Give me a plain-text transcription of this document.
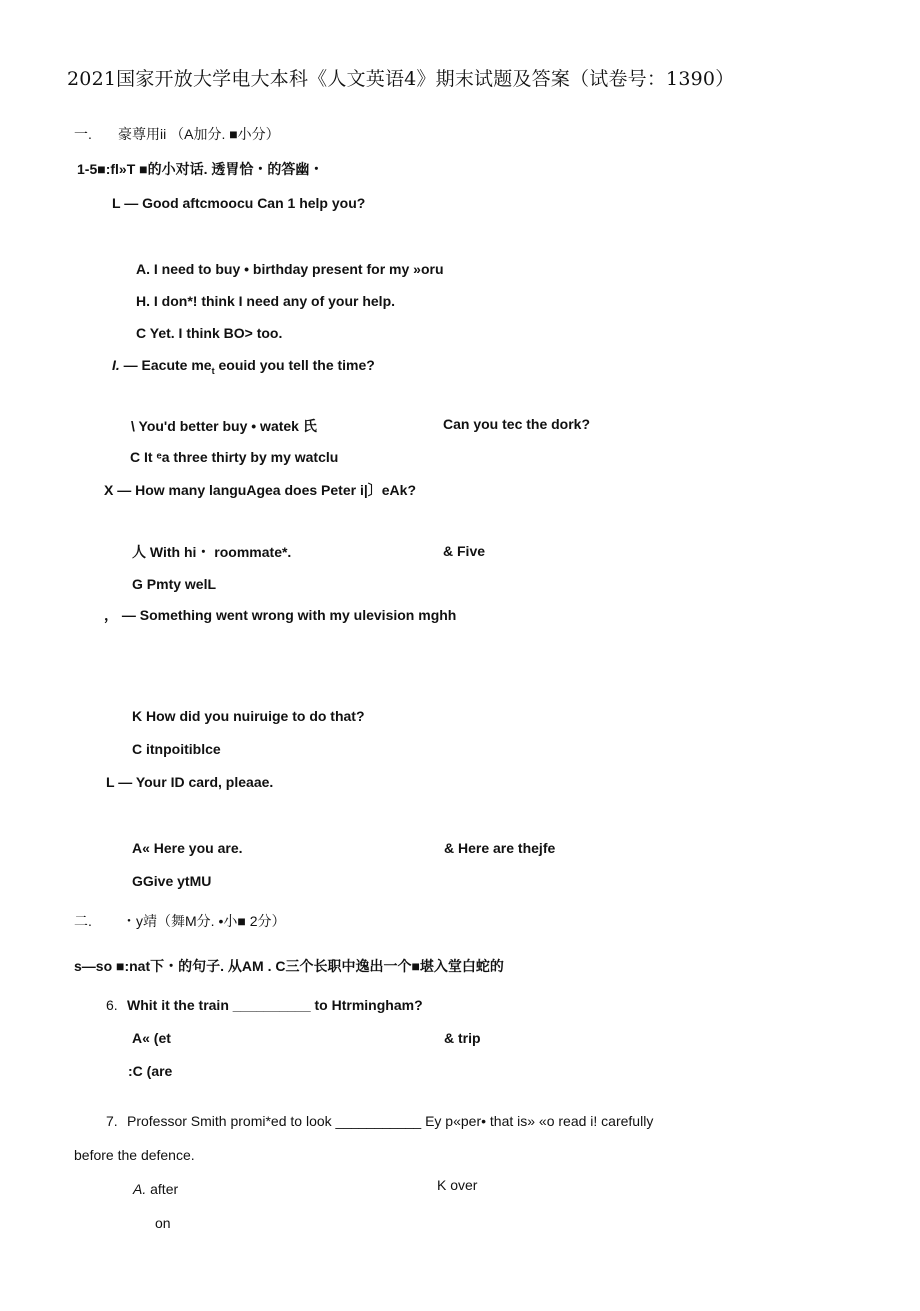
2021国家开放大学电大本科《人文英语4》期末试题及答案（试卷号：1390）
一. 豪尊用ii （A加分. ■小分）
1-5■:fl»T ■的小对话. 透胃恰・的答幽・
L — Good aftcmoocu Can 1 help you?
A. I need to buy • birthday present for my »oru
H. I don*! think I need any of your help.
C Yet. I think BO> too.
I. — Eacute $me_t$ eouid you tell the time?
\ You'd better buy • watek 氏	Can you tec the dork?
C It ᵉa three thirty by my watclu
X — How many languAgea does Peter i|〕eAk?
人 With hi・ roommate*.	& Five
G Pmty welL
， — Something went wrong with my ulevision mghh
K How did you nuiruige to do that?
C itnpoitiblce
L — Your ID card, pleaae.
A« Here you are.	& Here are thejfe
GGive ytMU
二. ・y靖（舞M分. •小■ 2分）
s—so ■:nat下・的句子. 从AM . C三个长职中逸出一个■堪入堂白蛇的
6. Whit it the train __________ to Htrmingham?
A« (et	& trip
:C (are
7. Professor Smith promi*ed to look ___________ Ey p«per• that is» «o read i! carefully
before the defence.
A. after	K over
on
